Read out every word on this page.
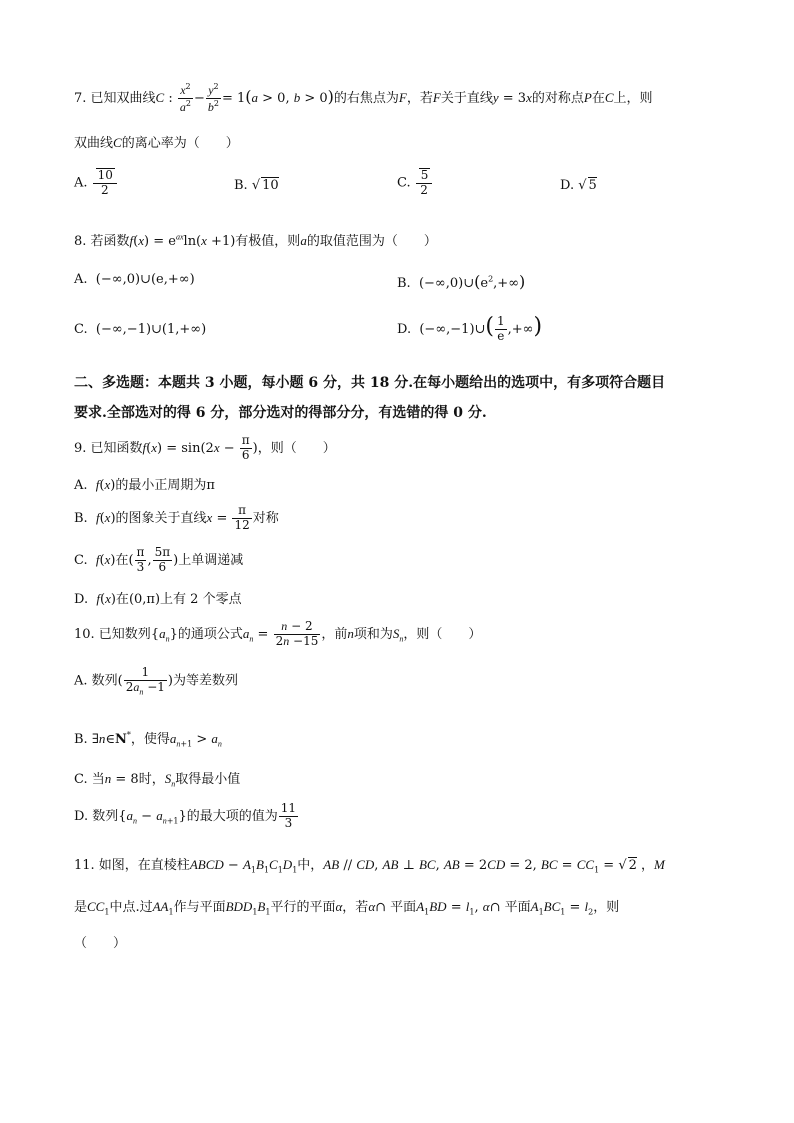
7. 已知双曲线C : $\frac{x^2}{a^2} - \frac{y^2}{b^2} = 1(a > 0$, b > 0)的右焦点为F，若F关于直线y = 3x的对称点P在C上，则
双曲线C的离心率为（　　）
A. $\frac{10}{2}$	B. √ 10	C. $\frac{5}{2}$	D. √ 5
8. 若函数$f(x) = e^{ax}\ln(x +1)$有极值，则a的取值范围为（　　）
A.  (−∞,0)∪(e,+∞)	B.  $(-\infty,0)\cup(e^2,+\infty)$
C.  (−∞,−1)∪(1,+∞)	D.  (−∞,−1)∪( $\frac{1}{e}$ ,+∞)
二、多选题：本题共 3 小题，每小题 6 分，共 18 分.在每小题给出的选项中，有多项符合题目
要求.全部选对的得 6 分，部分选对的得部分分，有选错的得 0 分.
9. 已知函数$f(x) = \sin(2x - \frac{\pi}{6}$ )，则（　　）
A.  f(x)的最小正周期为π
B.  f(x)的图象关于直线$x = \frac{\pi}{12}$ 对称
C.  f(x)在( $\frac{\pi}{3}$ , $\frac{5\pi}{6}$ )上单调递减
D.  f(x)在(0,π)上有 2 个零点
10. 已知数列$\{a_n\}$的通项公式$a_n = \frac{n - 2}{2n -15}$ ，前n项和为$S_n$，则（　　）
A. 数列( $\frac{1}{2a_n -1}$ )为等差数列
B. ∃n∈N*，使得$a_{n+1} > a_n$
C. 当n = 8时，$S_n$取得最小值
D. 数列$\{a_n - a_{n+1}\}$的最大项的值为 $\frac{11}{3}$
11. 如图，在直棱柱ABCD − $A_1B_1C_1D_1$中，AB // CD, AB ⊥ BC, AB = 2CD = 2, BC = $CC_1$ = √ 2 ，M
是$CC_1$中点.过$AA_1$作与平面$BDD_1B_1$平行的平面α，若α∩ 平面$A_1BD = l_1$, α∩ 平面$A_1BC_1 = l_2$，则
（　　）
